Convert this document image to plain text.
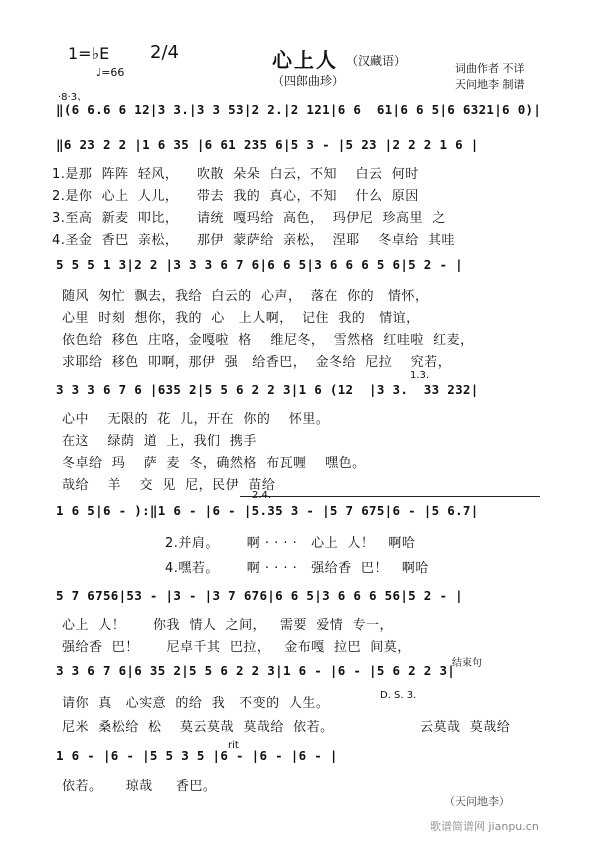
1=♭E 2/4
♩=66
心上人 （汉藏语）
（四郎曲珍）
词曲作者 不详
天问地李 制谱
·8·3、
‖(6 6.6 6 12|3 3.|3 3 53|2 2.|2 121|6 6  61|6 6 5|6 6321|6 0)|
‖6 23 2 2 |1 6 35 |6 61 235 6|5 3 - |5 23 |2 2 2 1 6 |
5 5 5 1 3|2 2 |3 3 3 6 7 6|6 6 5|3 6 6 6 5 6|5 2 - |
3 3 3 6 7 6 |635 2|5 5 6 2 2 3|1 6 (12  |3 3.  33 232|
1 6 5|6 - ):‖1 6 - |6 - |5.35 3 - |5 7 675|6 - |5 6.7|
5 7 6756|53 - |3 - |3 7 676|6 6 5|3 6 6 6 56|5 2 - |
3 3 6 7 6|6 35 2|5 5 6 2 2 3|1 6 - |6 - |5 6 2 2 3|
1 6 - |6 - |5 5 3 5 |6 - |6 - |6 - |
1.是那  阵阵  轻风，    吹散  朵朵  白云，不知    白云  何时
2.是你  心上  人儿，    带去  我的  真心，不知    什么  原因
3.至高  新麦  叩比，    请统  嘎玛给  高色，  玛伊尼  珍高里  之
4.圣金  香巴  亲松，    那伊  蒙萨给  亲松，  涅耶    冬卓给  其哇
随风  匆忙  飘去，我给  白云的  心声，  落在  你的   情怀，
心里  时刻  想你，我的  心   上人啊，  记住  我的   情谊，
依色给  移色  庄咯，金嘎啦  格    维尼冬，  雪然格  红哇啦  红麦，
求耶给  移色  叩啊，那伊  强   给香巴，  金冬给  尼拉    究若，
1.3.
心中    无限的  花  儿，开在  你的    怀里。
在这    绿荫  道  上，我们  携手
冬卓给  玛    萨  麦  冬，确然格  布瓦喱    嘿色。
哉给    羊    交  见  尼，民伊  苗给
2.并肩。      啊 · · · ·   心上  人！   啊哈
4.嘿若。      啊 · · · ·   强给香  巴！   啊哈
心上  人！      你我  情人  之间，   需要  爱情  专一，
强给香  巴！      尼卓千其  巴拉，   金布嘎  拉巴  间莫，
结束句
请你  真   心实意  的给  我   不变的  人生。
D. S. 3.
尼米  桑松给  松    莫云莫哉  莫哉给  依若。	云莫哉  莫哉给
rit
依若。     琼哉     香巴。
（天问地李）
歌谱简谱网 jianpu.cn
